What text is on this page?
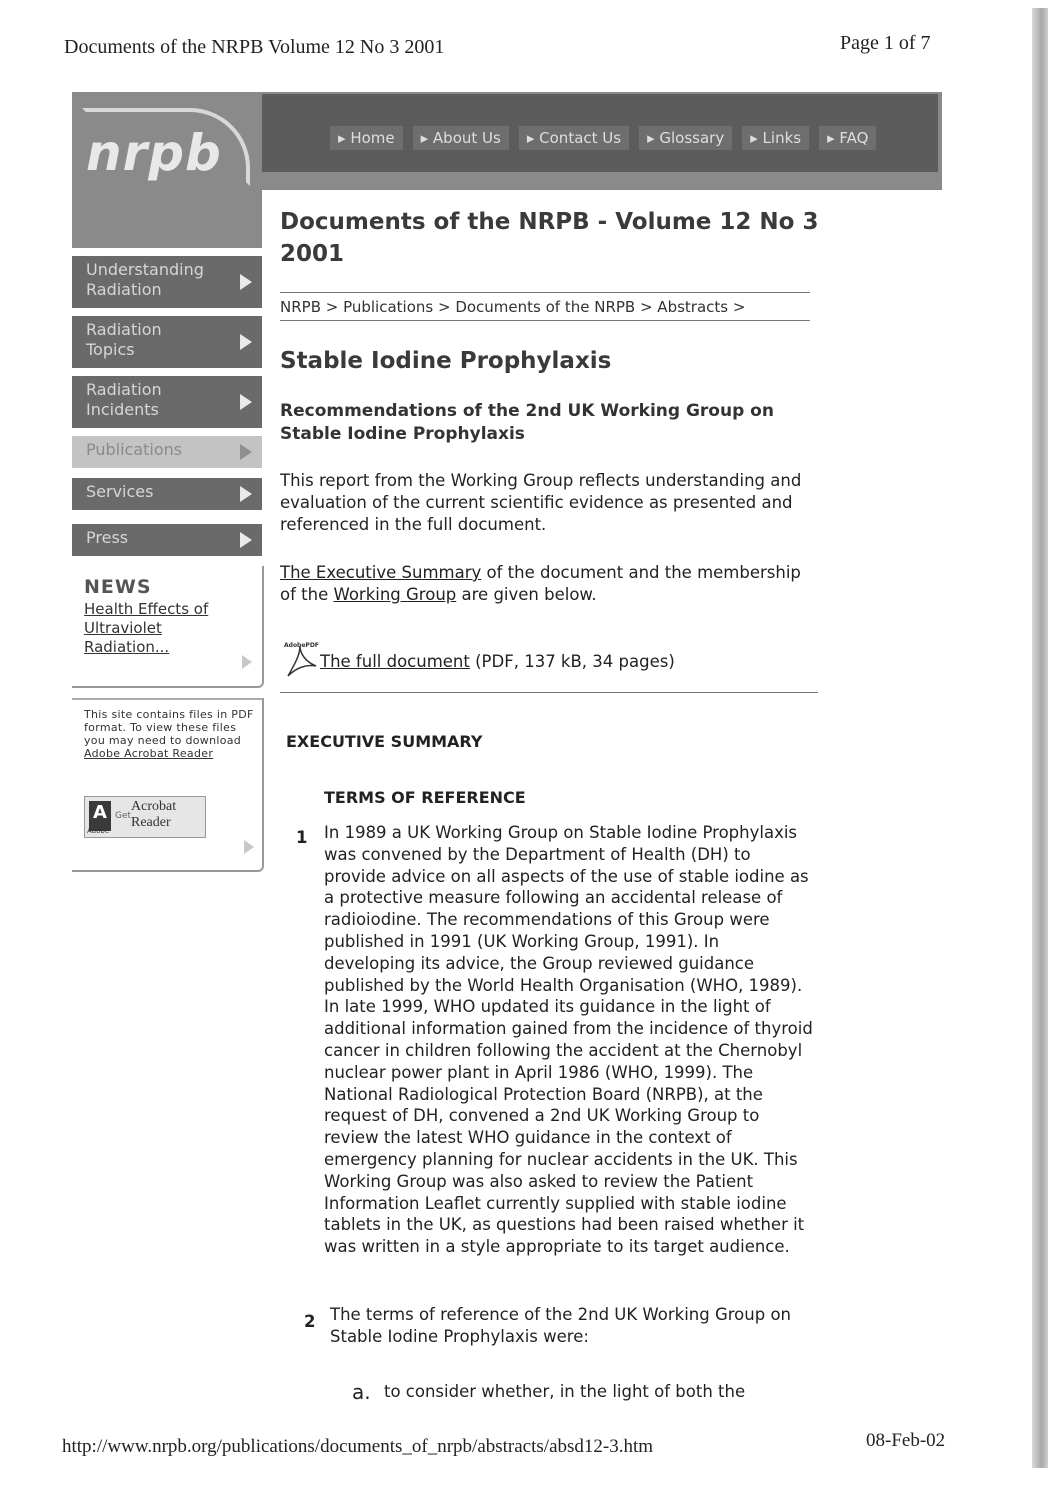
Documents of the NRPB Volume 12 No 3 2001	Page 1 of 7
nrpb	▸ Home	▸ About Us	▸ Contact Us	▸ Glossary	▸ Links	▸ FAQ
Understanding Radiation
Radiation Topics
Radiation Incidents
Publications
Services
Press
NEWS
Health Effects of Ultraviolet Radiation...
This site contains files in PDF format. To view these files you may need to download Adobe Acrobat Reader
A Get
Acrobat Reader
Adobe
Documents of the NRPB - Volume 12 No 3 2001
NRPB > Publications > Documents of the NRPB > Abstracts >
Stable Iodine Prophylaxis
Recommendations of the 2nd UK Working Group on Stable Iodine Prophylaxis

This report from the Working Group reflects understanding and evaluation of the current scientific evidence as presented and referenced in the full document.

The Executive Summary of the document and the membership of the Working Group are given below.

AdobePDF
The full document (PDF, 137 kB, 34 pages)
EXECUTIVE SUMMARY
TERMS OF REFERENCE
1 In 1989 a UK Working Group on Stable Iodine Prophylaxis was convened by the Department of Health (DH) to provide advice on all aspects of the use of stable iodine as a protective measure following an accidental release of radioiodine. The recommendations of this Group were published in 1991 (UK Working Group, 1991). In developing its advice, the Group reviewed guidance published by the World Health Organisation (WHO, 1989). In late 1999, WHO updated its guidance in the light of additional information gained from the incidence of thyroid cancer in children following the accident at the Chernobyl nuclear power plant in April 1986 (WHO, 1999). The National Radiological Protection Board (NRPB), at the request of DH, convened a 2nd UK Working Group to review the latest WHO guidance in the context of emergency planning for nuclear accidents in the UK. This Working Group was also asked to review the Patient Information Leaflet currently supplied with stable iodine tablets in the UK, as questions had been raised whether it was written in a style appropriate to its target audience.

2 The terms of reference of the 2nd UK Working Group on Stable Iodine Prophylaxis were:

a. to consider whether, in the light of both the
http://www.nrpb.org/publications/documents_of_nrpb/abstracts/absd12-3.htm	08-Feb-02
